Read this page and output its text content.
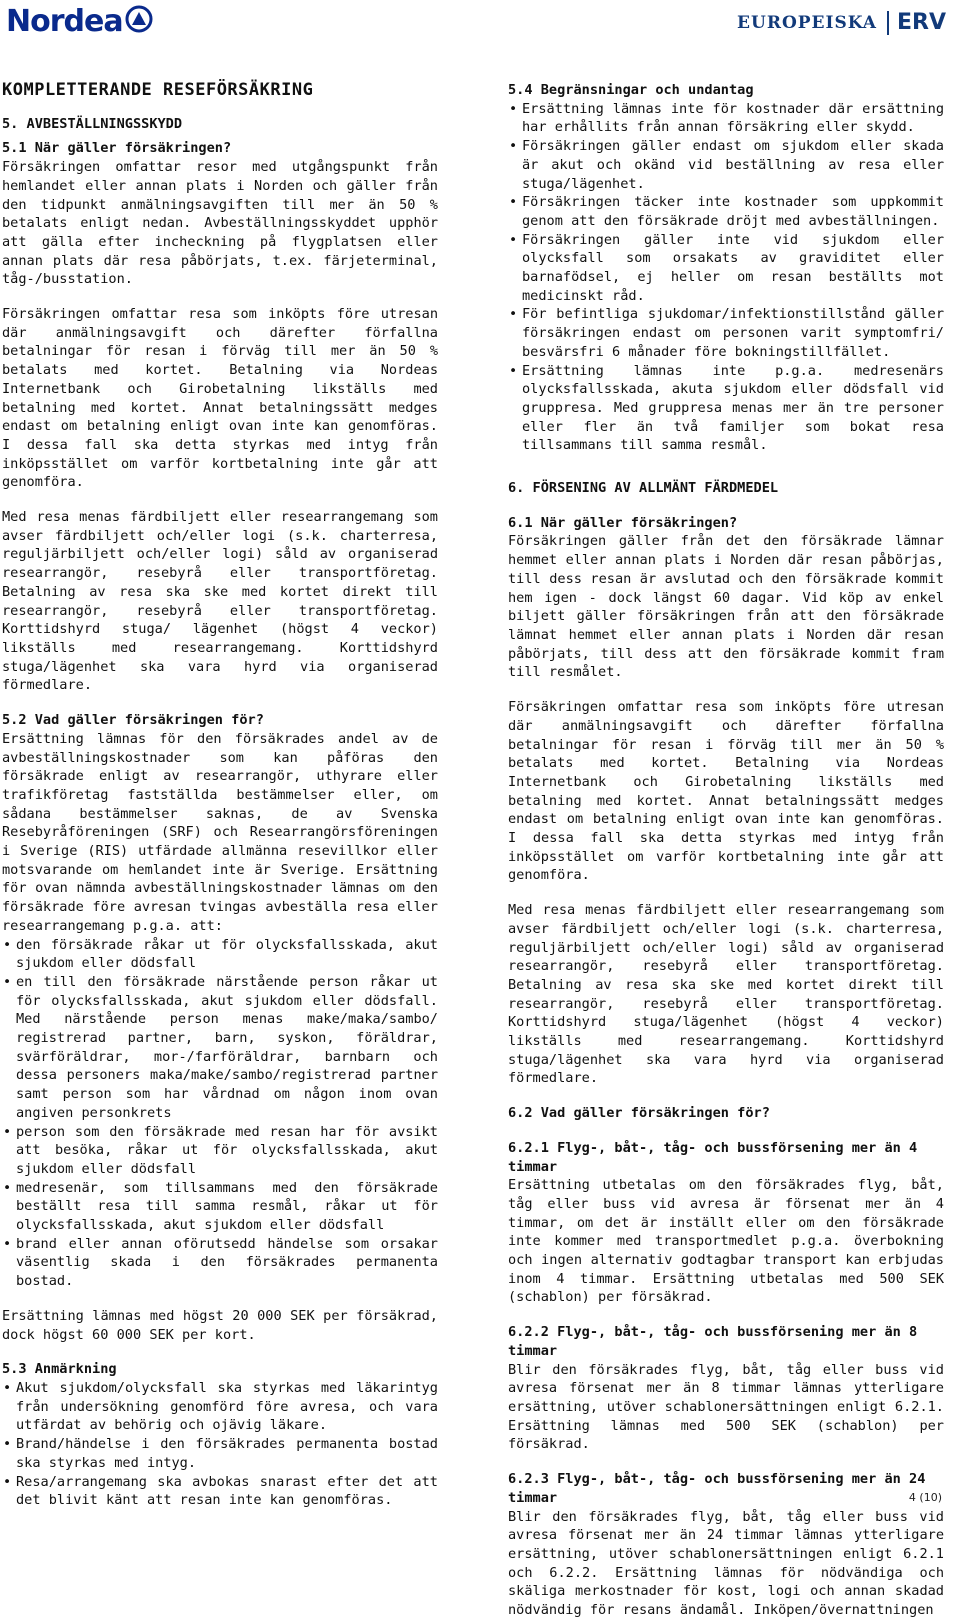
Nordea	EUROPEISKA ERV
KOMPLETTERANDE RESEFÖRSÄKRING
5. AVBESTÄLLNINGSSKYDD
5.1 När gäller försäkringen?

Försäkringen omfattar resor med utgångspunkt från hemlandet eller annan plats i Norden och gäller från den tidpunkt anmälningsavgiften till mer än 50 % betalats enligt nedan. Avbeställningsskyddet upphör att gälla efter incheckning på flygplatsen eller annan plats där resa påbörjats, t.ex. färjeterminal, tåg-/busstation.

Försäkringen omfattar resa som inköpts före utresan där anmälningsavgift och därefter förfallna betalningar för resan i förväg till mer än 50 % betalats med kortet. Betalning via Nordeas Internetbank och Girobetalning likställs med betalning med kortet. Annat betalningssätt medges endast om betalning enligt ovan inte kan genomföras. I dessa fall ska detta styrkas med intyg från inköpsstället om varför kortbetalning inte går att genomföra.

Med resa menas färdbiljett eller researrangemang som avser färdbiljett och/eller logi (s.k. charterresa, reguljärbiljett och/eller logi) såld av organiserad researrangör, resebyrå eller transportföretag. Betalning av resa ska ske med kortet direkt till researrangör, resebyrå eller transportföretag. Korttidshyrd stuga/ lägenhet (högst 4 veckor) likställs med researrangemang. Korttidshyrd stuga/lägenhet ska vara hyrd via organiserad förmedlare.

5.2 Vad gäller försäkringen för?

Ersättning lämnas för den försäkrades andel av de avbeställningskostnader som kan påföras den försäkrade enligt av researrangör, uthyrare eller trafikföretag fastställda bestämmelser eller, om sådana bestämmelser saknas, de av Svenska Resebyråföreningen (SRF) och Researrangörsföreningen i Sverige (RIS) utfärdade allmänna resevillkor eller motsvarande om hemlandet inte är Sverige. Ersättning för ovan nämnda avbeställningskostnader lämnas om den försäkrade före avresan tvingas avbeställa resa eller researrangemang p.g.a. att:

• den försäkrade råkar ut för olycksfallsskada, akut sjukdom eller dödsfall
• en till den försäkrade närstående person råkar ut för olycksfallsskada, akut sjukdom eller dödsfall. Med närstående person menas make/maka/sambo/ registrerad partner, barn, syskon, föräldrar, svärföräldrar, mor-/farföräldrar, barnbarn och dessa personers maka/make/sambo/registrerad partner samt person som har vårdnad om någon inom ovan angiven personkrets
• person som den försäkrade med resan har för avsikt att besöka, råkar ut för olycksfallsskada, akut sjukdom eller dödsfall
• medresenär, som tillsammans med den försäkrade beställt resa till samma resmål, råkar ut för olycksfallsskada, akut sjukdom eller dödsfall
• brand eller annan oförutsedd händelse som orsakar väsentlig skada i den försäkrades permanenta bostad.

Ersättning lämnas med högst 20 000 SEK per försäkrad, dock högst 60 000 SEK per kort.

5.3 Anmärkning
• Akut sjukdom/olycksfall ska styrkas med läkarintyg från undersökning genomförd före avresa, och vara utfärdat av behörig och ojävig läkare.
• Brand/händelse i den försäkrades permanenta bostad ska styrkas med intyg.
• Resa/arrangemang ska avbokas snarast efter det att det blivit känt att resan inte kan genomföras.
5.4 Begränsningar och undantag
• Ersättning lämnas inte för kostnader där ersättning har erhållits från annan försäkring eller skydd.
• Försäkringen gäller endast om sjukdom eller skada är akut och okänd vid beställning av resa eller stuga/lägenhet.
• Försäkringen täcker inte kostnader som uppkommit genom att den försäkrade dröjt med avbeställningen.
• Försäkringen gäller inte vid sjukdom eller olycksfall som orsakats av graviditet eller barnafödsel, ej heller om resan beställts mot medicinskt råd.
• För befintliga sjukdomar/infektionstillstånd gäller försäkringen endast om personen varit symptomfri/ besvärsfri 6 månader före bokningstillfället.
• Ersättning lämnas inte p.g.a. medresenärs olycksfallsskada, akuta sjukdom eller dödsfall vid gruppresa. Med gruppresa menas mer än tre personer eller fler än två familjer som bokat resa tillsammans till samma resmål.
6. FÖRSENING AV ALLMÄNT FÄRDMEDEL
6.1 När gäller försäkringen?

Försäkringen gäller från det den försäkrade lämnar hemmet eller annan plats i Norden där resan påbörjas, till dess resan är avslutad och den försäkrade kommit hem igen - dock längst 60 dagar. Vid köp av enkel biljett gäller försäkringen från att den försäkrade lämnat hemmet eller annan plats i Norden där resan påbörjats, till dess att den försäkrade kommit fram till resmålet.

Försäkringen omfattar resa som inköpts före utresan där anmälningsavgift och därefter förfallna betalningar för resan i förväg till mer än 50 % betalats med kortet. Betalning via Nordeas Internetbank och Girobetalning likställs med betalning med kortet. Annat betalningssätt medges endast om betalning enligt ovan inte kan genomföras. I dessa fall ska detta styrkas med intyg från inköpsstället om varför kortbetalning inte går att genomföra.

Med resa menas färdbiljett eller researrangemang som avser färdbiljett och/eller logi (s.k. charterresa, reguljärbiljett och/eller logi) såld av organiserad researrangör, resebyrå eller transportföretag. Betalning av resa ska ske med kortet direkt till researrangör, resebyrå eller transportföretag. Korttidshyrd stuga/lägenhet (högst 4 veckor) likställs med researrangemang. Korttidshyrd stuga/lägenhet ska vara hyrd via organiserad förmedlare.

6.2 Vad gäller försäkringen för?
6.2.1 Flyg-, båt-, tåg- och bussförsening mer än 4 timmar

Ersättning utbetalas om den försäkrades flyg, båt, tåg eller buss vid avresa är försenat mer än 4 timmar, om det är inställt eller om den försäkrade inte kommer med transportmedlet p.g.a. överbokning och ingen alternativ godtagbar transport kan erbjudas inom 4 timmar. Ersättning utbetalas med 500 SEK (schablon) per försäkrad.

6.2.2 Flyg-, båt-, tåg- och bussförsening mer än 8 timmar

Blir den försäkrades flyg, båt, tåg eller buss vid avresa försenat mer än 8 timmar lämnas ytterligare ersättning, utöver schablonersättningen enligt 6.2.1. Ersättning lämnas med 500 SEK (schablon) per försäkrad.

6.2.3 Flyg-, båt-, tåg- och bussförsening mer än 24 timmar

Blir den försäkrades flyg, båt, tåg eller buss vid avresa försenat mer än 24 timmar lämnas ytterligare ersättning, utöver schablonersättningen enligt 6.2.1 och 6.2.2. Ersättning lämnas för nödvändiga och skäliga merkostnader för kost, logi och annan skadad nödvändig för resans ändamål. Inköpen/övernattningen

4 (10)
